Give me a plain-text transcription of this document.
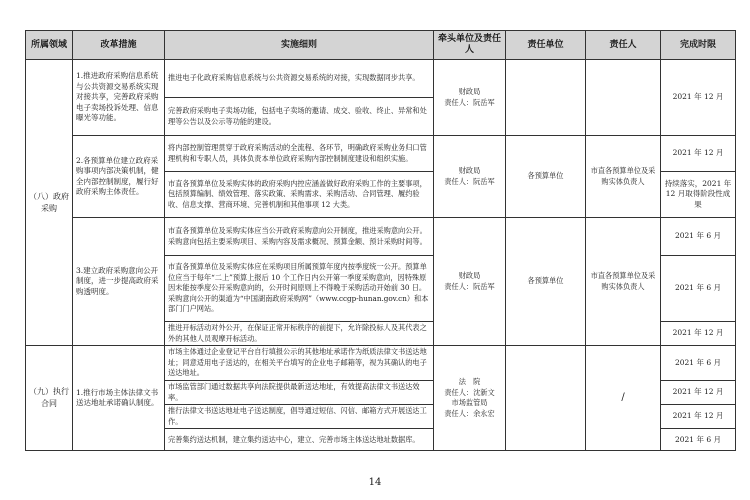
所属领域	改革措施	实施细则	牵头单位及责任人	责任单位	责任人	完成时限
（八）政府采购	1.推进政府采购信息系统与公共资源交易系统实现对接共享，完善政府采购电子卖场投诉处理、信息曝光等功能。	推进电子化政府采购信息系统与公共资源交易系统的对接，实现数据同步共享。	财政局
责任人：阮岳军			2021 年 12 月
		完善政府采购电子卖场功能，包括电子卖场的邀请、成交、验收、终止、异常和处理等公告以及公示等功能的建设。				
	2.各预算单位建立政府采购事项内部决策机制，健全内部控制制度，履行好政府采购主体责任。	将内部控制管理贯穿于政府采购活动的全流程、各环节，明确政府采购业务归口管理机构和专职人员，具体负责本单位政府采购内部控制制度建设和组织实施。	财政局
责任人：阮岳军	各预算单位	市直各预算单位及采购实体负责人	2021 年 12 月
		市直各预算单位及采购实体的政府采购内控应涵盖做好政府采购工作的主要事项，包括预算编制、绩效管理、落实政策、采购需求、采购活动、合同管理、履约验收、信息支撑、营商环境、完善机制和其他事项 12 大类。				持续落实，2021 年 12 月取得阶段性成果
	3.建立政府采购意向公开制度，进一步提高政府采购透明度。	市直各预算单位及采购实体应当公开政府采购意向公开制度，推进采购意向公开。采购意向包括主要采购项目、采购内容及需求概况、预算金额、预计采购时间等。	财政局
责任人：阮岳军	各预算单位	市直各预算单位及采购实体负责人	2021 年 6 月
		市直各预算单位及采购实体应在采购项目所属预算年度内按季度统一公开。预算单位应当于每年“二上”预算上报后 10 个工作日内公开第一季度采购意向，因特殊原因未能按季度公开采购意向的，公开时间原则上不得晚于采购活动开始前 30 日。采购意向公开的渠道为“中国湖南政府采购网”（www.ccgp-hunan.gov.cn）和本部门门户网站。				2021 年 6 月
		推进开标活动对外公开，在保证正常开标秩序的前提下，允许除投标人及其代表之外的其他人员观摩开标活动。				2021 年 12 月
（九）执行合同	1.推行市场主体法律文书送达地址承诺确认制度。	市场主体通过企业登记平台自行填报公示的其他地址承诺作为纸质法律文书送达地址；同意适用电子送达的，在相关平台填写的企业电子邮箱等，视为其确认的电子送达地址。	法　院
责任人：沈新文
市场监管局
责任人：余永宏		/	2021 年 6 月
		市场监管部门通过数据共享向法院提供最新送达地址，有效提高法律文书送达效率。				2021 年 12 月
		推行法律文书送达地址电子送达制度，倡导通过短信、闪信、邮箱方式开展送达工作。				2021 年 12 月
		完善集约送达机制，建立集约送达中心，建立、完善市场主体送达地址数据库。				2021 年 6 月
14
